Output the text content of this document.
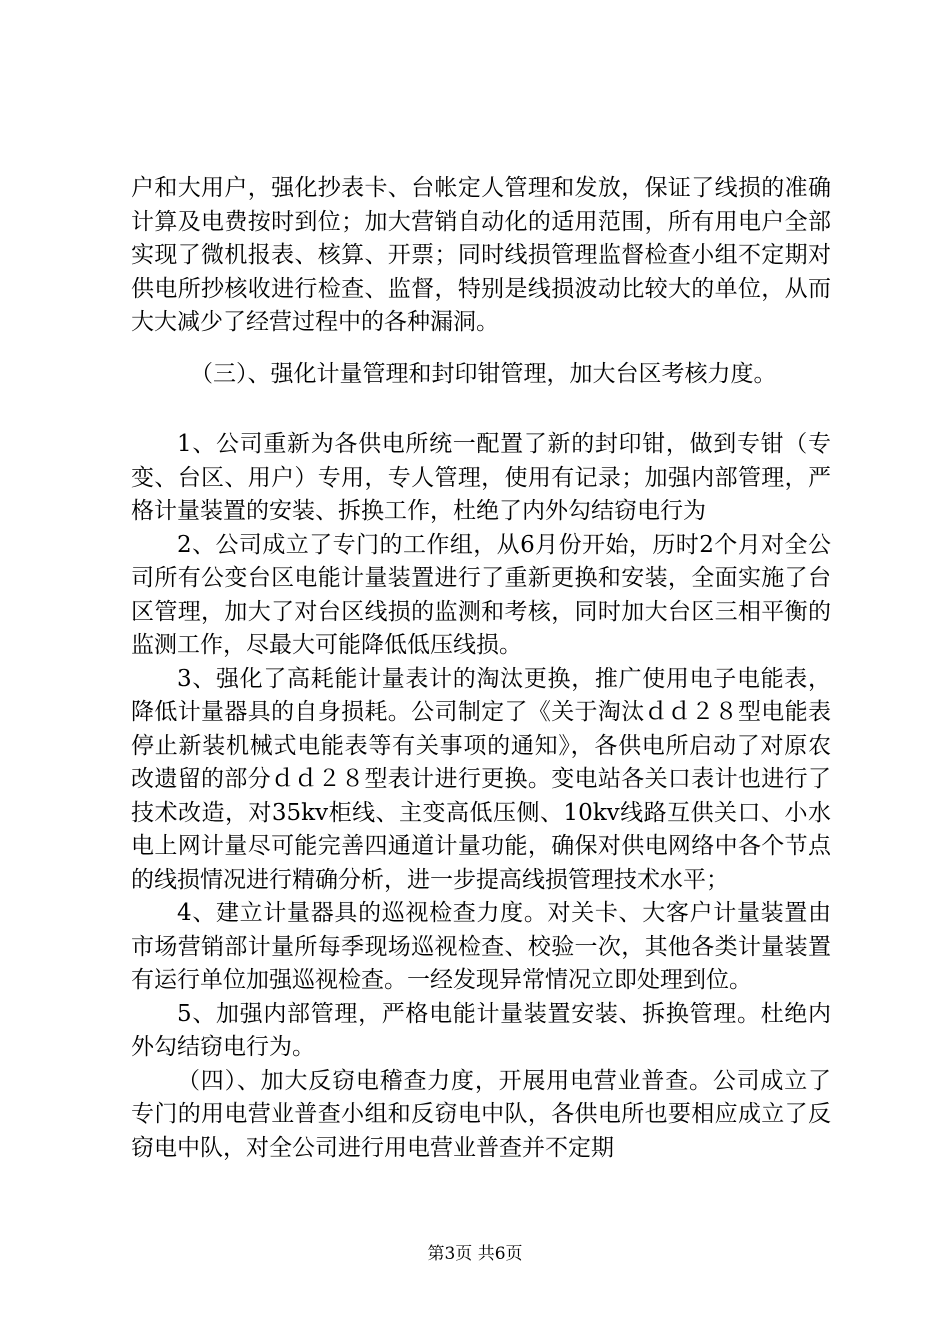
户和大用户，强化抄表卡、台帐定人管理和发放，保证了线损的准确计算及电费按时到位；加大营销自动化的适用范围，所有用电户全部实现了微机报表、核算、开票；同时线损管理监督检查小组不定期对供电所抄核收进行检查、监督，特别是线损波动比较大的单位，从而大大减少了经营过程中的各种漏洞。

（三）、强化计量管理和封印钳管理，加大台区考核力度。

1、公司重新为各供电所统一配置了新的封印钳，做到专钳（专变、台区、用户）专用，专人管理，使用有记录；加强内部管理，严格计量装置的安装、拆换工作，杜绝了内外勾结窃电行为

2、公司成立了专门的工作组，从6月份开始，历时2个月对全公司所有公变台区电能计量装置进行了重新更换和安装，全面实施了台区管理，加大了对台区线损的监测和考核，同时加大台区三相平衡的监测工作，尽最大可能降低低压线损。

3、强化了高耗能计量表计的淘汰更换，推广使用电子电能表，降低计量器具的自身损耗。公司制定了《关于淘汰ｄｄ２８型电能表停止新装机械式电能表等有关事项的通知》，各供电所启动了对原农改遗留的部分ｄｄ２８型表计进行更换。变电站各关口表计也进行了技术改造，对35kv柜线、主变高低压侧、10kv线路互供关口、小水电上网计量尽可能完善四通道计量功能，确保对供电网络中各个节点的线损情况进行精确分析，进一步提高线损管理技术水平；

4、建立计量器具的巡视检查力度。对关卡、大客户计量装置由市场营销部计量所每季现场巡视检查、校验一次，其他各类计量装置有运行单位加强巡视检查。一经发现异常情况立即处理到位。

5、加强内部管理，严格电能计量装置安装、拆换管理。杜绝内外勾结窃电行为。

（四）、加大反窃电稽查力度，开展用电营业普查。公司成立了专门的用电营业普查小组和反窃电中队，各供电所也要相应成立了反窃电中队，对全公司进行用电营业普查并不定期

第3页 共6页
